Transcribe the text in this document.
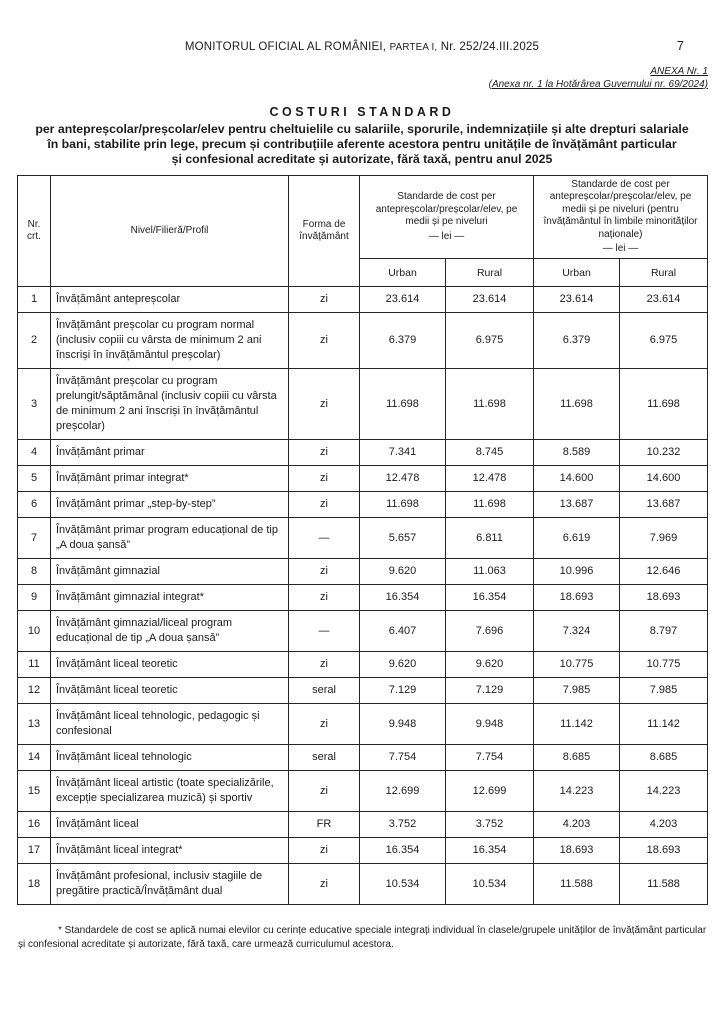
MONITORUL OFICIAL AL ROMÂNIEI, PARTEA I, Nr. 252/24.III.2025	7
ANEXA Nr. 1
(Anexa nr. 1 la Hotărârea Guvernului nr. 69/2024)
COSTURI STANDARD
per antepreșcolar/preșcolar/elev pentru cheltuielile cu salariile, sporurile, indemnizațiile și alte drepturi salariale
în bani, stabilite prin lege, precum și contribuțiile aferente acestora pentru unitățile de învățământ particular
și confesional acreditate și autorizate, fără taxă, pentru anul 2025
Nr. crt.	Nivel/Filieră/Profil	Forma de învățământ	
Standarde de cost per antepreșcolar/preșcolar/elev, pe medii și pe niveluri
— lei —

Standarde de cost per antepreșcolar/preșcolar/elev, pe medii și pe niveluri (pentru învățământul în limbile minorităților naționale)
— lei —

			Urban	Rural	Urban	Rural
1	Învățământ antepreșcolar	zi	23.614	23.614	23.614	23.614
2	Învățământ preșcolar cu program normal (inclusiv copiii cu vârsta de minimum 2 ani înscriși în învățământul preșcolar)	zi	6.379	6.975	6.379	6.975
3	Învățământ preșcolar cu program prelungit/săptămânal (inclusiv copiii cu vârsta de minimum 2 ani înscriși în învățământul preșcolar)	zi	11.698	11.698	11.698	11.698
4	Învățământ primar	zi	7.341	8.745	8.589	10.232
5	Învățământ primar integrat*	zi	12.478	12.478	14.600	14.600
6	Învățământ primar „step-by-step”	zi	11.698	11.698	13.687	13.687
7	Învățământ primar program educațional de tip „A doua șansă”	—	5.657	6.811	6.619	7.969
8	Învățământ gimnazial	zi	9.620	11.063	10.996	12.646
9	Învățământ gimnazial integrat*	zi	16.354	16.354	18.693	18.693
10	Învățământ gimnazial/liceal program educațional de tip „A doua șansă”	—	6.407	7.696	7.324	8.797
11	Învățământ liceal teoretic	zi	9.620	9.620	10.775	10.775
12	Învățământ liceal teoretic	seral	7.129	7.129	7.985	7.985
13	Învățământ liceal tehnologic, pedagogic și confesional	zi	9.948	9.948	11.142	11.142
14	Învățământ liceal tehnologic	seral	7.754	7.754	8.685	8.685
15	Învățământ liceal artistic (toate specializările, excepție specializarea muzică) și sportiv	zi	12.699	12.699	14.223	14.223
16	Învățământ liceal	FR	3.752	3.752	4.203	4.203
17	Învățământ liceal integrat*	zi	16.354	16.354	18.693	18.693
18	Învățământ profesional, inclusiv stagiile de pregătire practică/Învățământ dual	zi	10.534	10.534	11.588	11.588
* Standardele de cost se aplică numai elevilor cu cerințe educative speciale integrați individual în clasele/grupele unităților de învățământ particular și confesional acreditate și autorizate, fără taxă, care urmează curriculumul acestora.
